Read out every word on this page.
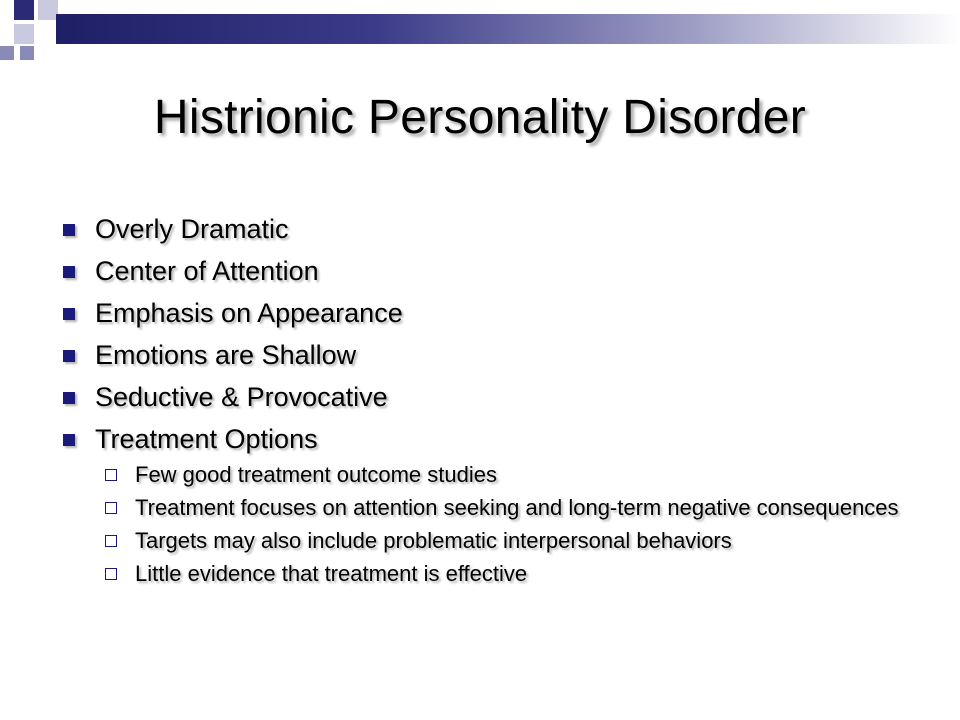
Histrionic Personality Disorder
Overly Dramatic
Center of Attention
Emphasis on Appearance
Emotions are Shallow
Seductive & Provocative
Treatment Options
Few good treatment outcome studies
Treatment focuses on attention seeking and long-term negative consequences
Targets may also include problematic interpersonal behaviors
Little evidence that treatment is effective
